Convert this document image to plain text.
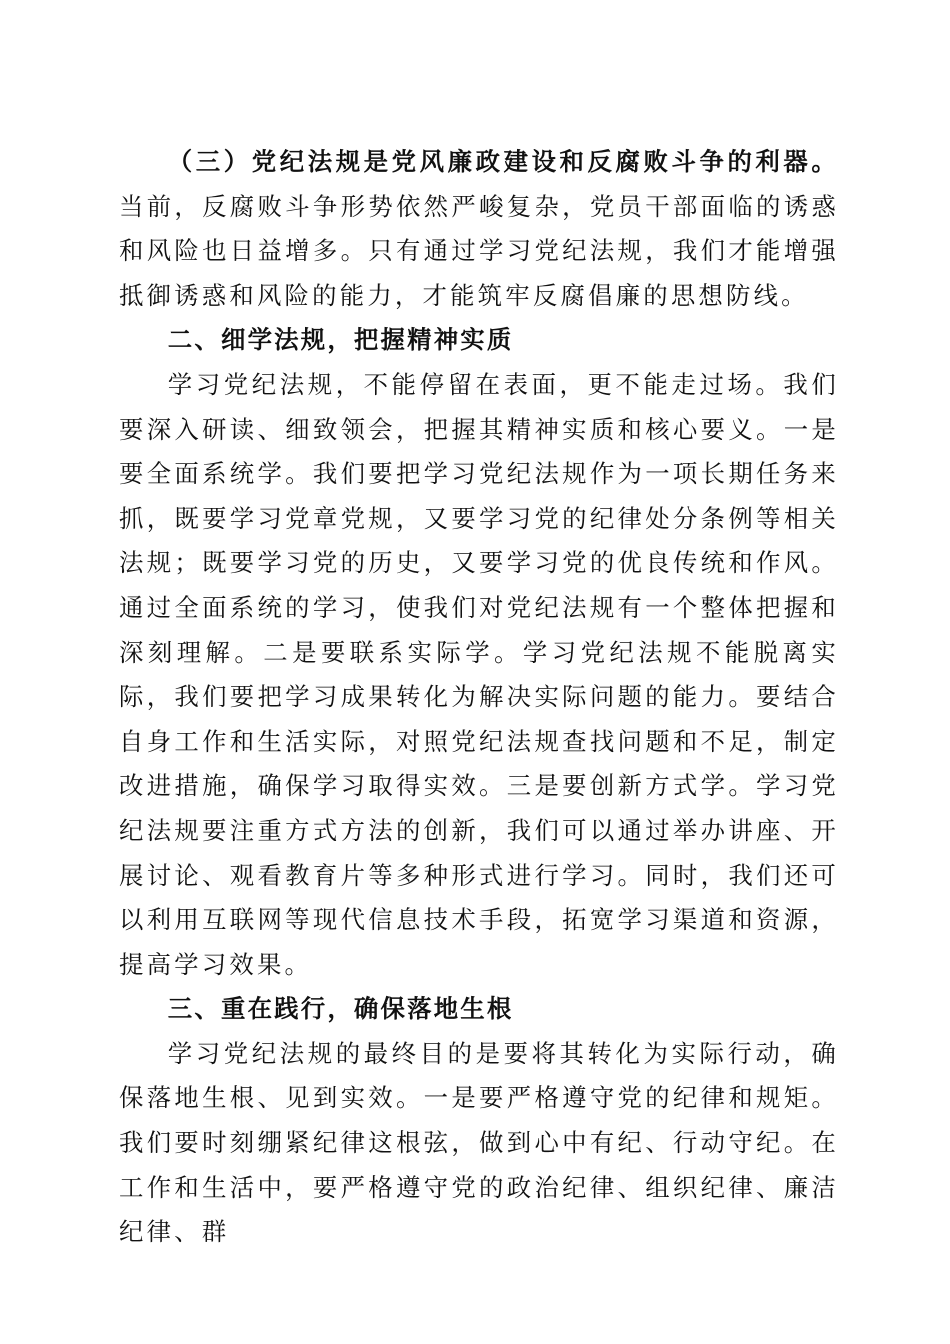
（三）党纪法规是党风廉政建设和反腐败斗争的利器。当前，反腐败斗争形势依然严峻复杂，党员干部面临的诱惑和风险也日益增多。只有通过学习党纪法规，我们才能增强抵御诱惑和风险的能力，才能筑牢反腐倡廉的思想防线。

二、细学法规，把握精神实质

学习党纪法规，不能停留在表面，更不能走过场。我们要深入研读、细致领会，把握其精神实质和核心要义。一是要全面系统学。我们要把学习党纪法规作为一项长期任务来抓，既要学习党章党规，又要学习党的纪律处分条例等相关法规；既要学习党的历史，又要学习党的优良传统和作风。通过全面系统的学习，使我们对党纪法规有一个整体把握和深刻理解。二是要联系实际学。学习党纪法规不能脱离实际，我们要把学习成果转化为解决实际问题的能力。要结合自身工作和生活实际，对照党纪法规查找问题和不足，制定改进措施，确保学习取得实效。三是要创新方式学。学习党纪法规要注重方式方法的创新，我们可以通过举办讲座、开展讨论、观看教育片等多种形式进行学习。同时，我们还可以利用互联网等现代信息技术手段，拓宽学习渠道和资源，提高学习效果。

三、重在践行，确保落地生根

学习党纪法规的最终目的是要将其转化为实际行动，确保落地生根、见到实效。一是要严格遵守党的纪律和规矩。我们要时刻绷紧纪律这根弦，做到心中有纪、行动守纪。在工作和生活中，要严格遵守党的政治纪律、组织纪律、廉洁纪律、群
